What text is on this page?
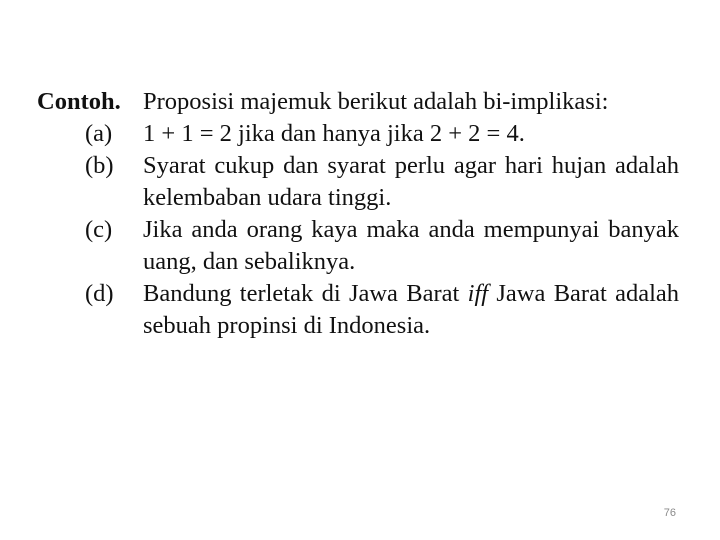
Contoh. Proposisi majemuk berikut adalah bi-implikasi:
(a)	1 + 1 = 2 jika dan hanya jika 2 + 2 = 4.
(b)	Syarat cukup dan syarat perlu agar hari hujan adalah kelembaban udara tinggi.
(c)	Jika anda orang kaya maka anda mempunyai banyak uang, dan sebaliknya.
(d)	Bandung terletak di Jawa Barat iff Jawa Barat adalah sebuah propinsi di Indonesia.
76
